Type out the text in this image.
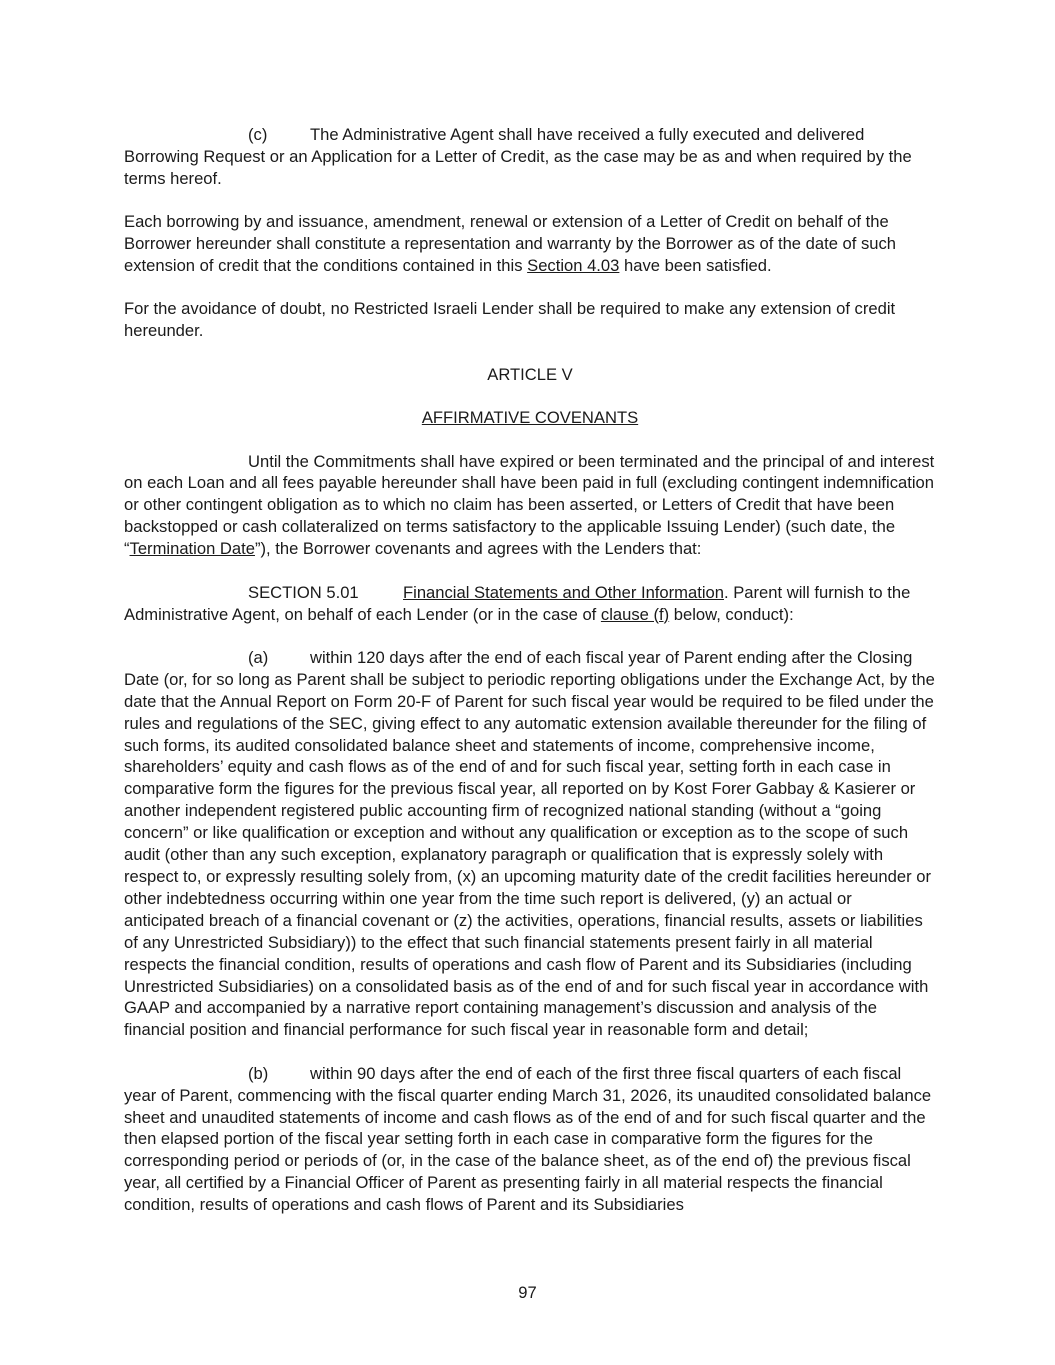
(c)	The Administrative Agent shall have received a fully executed and delivered Borrowing Request or an Application for a Letter of Credit, as the case may be as and when required by the terms hereof.

Each borrowing by and issuance, amendment, renewal or extension of a Letter of Credit on behalf of the Borrower hereunder shall constitute a representation and warranty by the Borrower as of the date of such extension of credit that the conditions contained in this Section 4.03 have been satisfied.

For the avoidance of doubt, no Restricted Israeli Lender shall be required to make any extension of credit hereunder.

ARTICLE V

AFFIRMATIVE COVENANTS

Until the Commitments shall have expired or been terminated and the principal of and interest on each Loan and all fees payable hereunder shall have been paid in full (excluding contingent indemnification or other contingent obligation as to which no claim has been asserted, or Letters of Credit that have been backstopped or cash collateralized on terms satisfactory to the applicable Issuing Lender) (such date, the “Termination Date”), the Borrower covenants and agrees with the Lenders that:

SECTION 5.01	Financial Statements and Other Information. Parent will furnish to the Administrative Agent, on behalf of each Lender (or in the case of clause (f) below, conduct):

(a)	within 120 days after the end of each fiscal year of Parent ending after the Closing Date (or, for so long as Parent shall be subject to periodic reporting obligations under the Exchange Act, by the date that the Annual Report on Form 20-F of Parent for such fiscal year would be required to be filed under the rules and regulations of the SEC, giving effect to any automatic extension available thereunder for the filing of such forms, its audited consolidated balance sheet and statements of income, comprehensive income, shareholders’ equity and cash flows as of the end of and for such fiscal year, setting forth in each case in comparative form the figures for the previous fiscal year, all reported on by Kost Forer Gabbay & Kasierer or another independent registered public accounting firm of recognized national standing (without a “going concern” or like qualification or exception and without any qualification or exception as to the scope of such audit (other than any such exception, explanatory paragraph or qualification that is expressly solely with respect to, or expressly resulting solely from, (x) an upcoming maturity date of the credit facilities hereunder or other indebtedness occurring within one year from the time such report is delivered, (y) an actual or anticipated breach of a financial covenant or (z) the activities, operations, financial results, assets or liabilities of any Unrestricted Subsidiary)) to the effect that such financial statements present fairly in all material respects the financial condition, results of operations and cash flow of Parent and its Subsidiaries (including Unrestricted Subsidiaries) on a consolidated basis as of the end of and for such fiscal year in accordance with GAAP and accompanied by a narrative report containing management’s discussion and analysis of the financial position and financial performance for such fiscal year in reasonable form and detail;

(b)	within 90 days after the end of each of the first three fiscal quarters of each fiscal year of Parent, commencing with the fiscal quarter ending March 31, 2026, its unaudited consolidated balance sheet and unaudited statements of income and cash flows as of the end of and for such fiscal quarter and the then elapsed portion of the fiscal year setting forth in each case in comparative form the figures for the corresponding period or periods of (or, in the case of the balance sheet, as of the end of) the previous fiscal year, all certified by a Financial Officer of Parent as presenting fairly in all material respects the financial condition, results of operations and cash flows of Parent and its Subsidiaries

97
